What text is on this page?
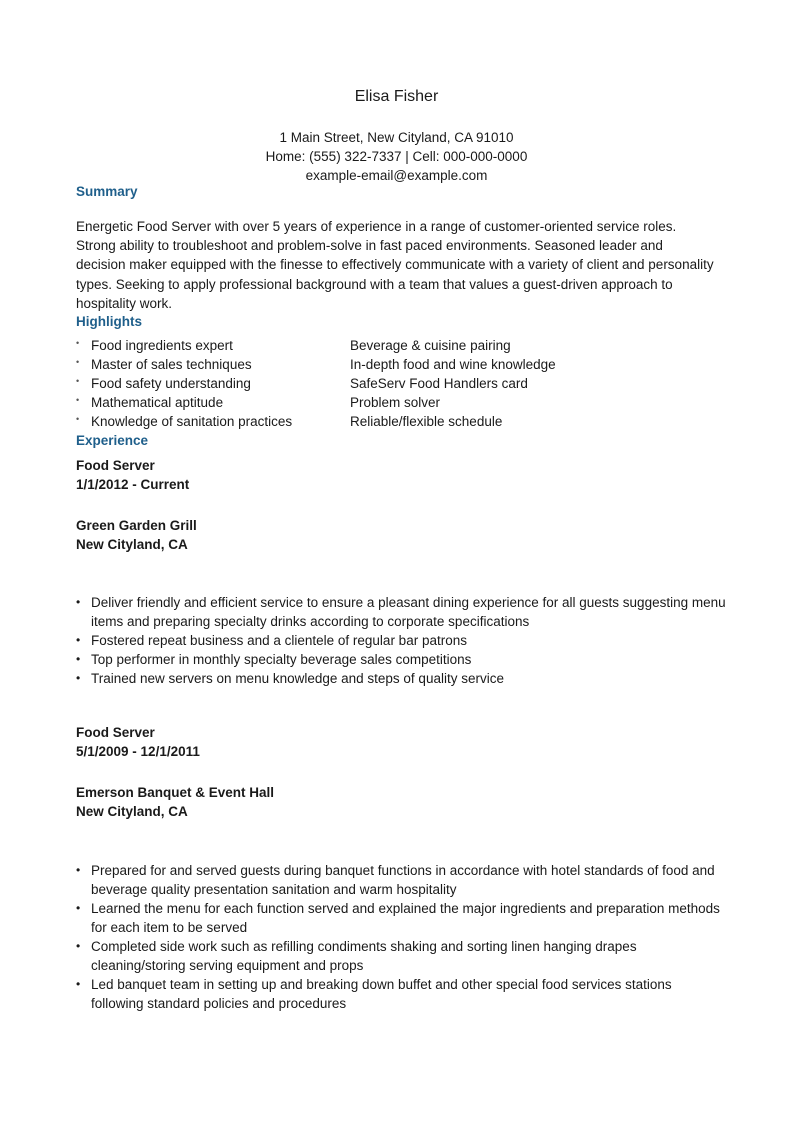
Elisa Fisher
1 Main Street, New Cityland, CA 91010
Home: (555) 322-7337 | Cell: 000-000-0000
example-email@example.com
Summary
Energetic Food Server with over 5 years of experience in a range of customer-oriented service roles. Strong ability to troubleshoot and problem-solve in fast paced environments. Seasoned leader and decision maker equipped with the finesse to effectively communicate with a variety of client and personality types. Seeking to apply professional background with a team that values a guest-driven approach to hospitality work.
Highlights
• Food ingredients expert	Beverage & cuisine pairing
• Master of sales techniques	In-depth food and wine knowledge
• Food safety understanding	SafeServ Food Handlers card
• Mathematical aptitude	Problem solver
• Knowledge of sanitation practices	Reliable/flexible schedule
Experience
Food Server
1/1/2012 - Current
Green Garden Grill
New Cityland, CA
• Deliver friendly and efficient service to ensure a pleasant dining experience for all guests suggesting menu items and preparing specialty drinks according to corporate specifications
• Fostered repeat business and a clientele of regular bar patrons
• Top performer in monthly specialty beverage sales competitions
• Trained new servers on menu knowledge and steps of quality service
Food Server
5/1/2009 - 12/1/2011
Emerson Banquet & Event Hall
New Cityland, CA
• Prepared for and served guests during banquet functions in accordance with hotel standards of food and beverage quality presentation sanitation and warm hospitality
• Learned the menu for each function served and explained the major ingredients and preparation methods for each item to be served
• Completed side work such as refilling condiments shaking and sorting linen hanging drapes cleaning/storing serving equipment and props
• Led banquet team in setting up and breaking down buffet and other special food services stations following standard policies and procedures
